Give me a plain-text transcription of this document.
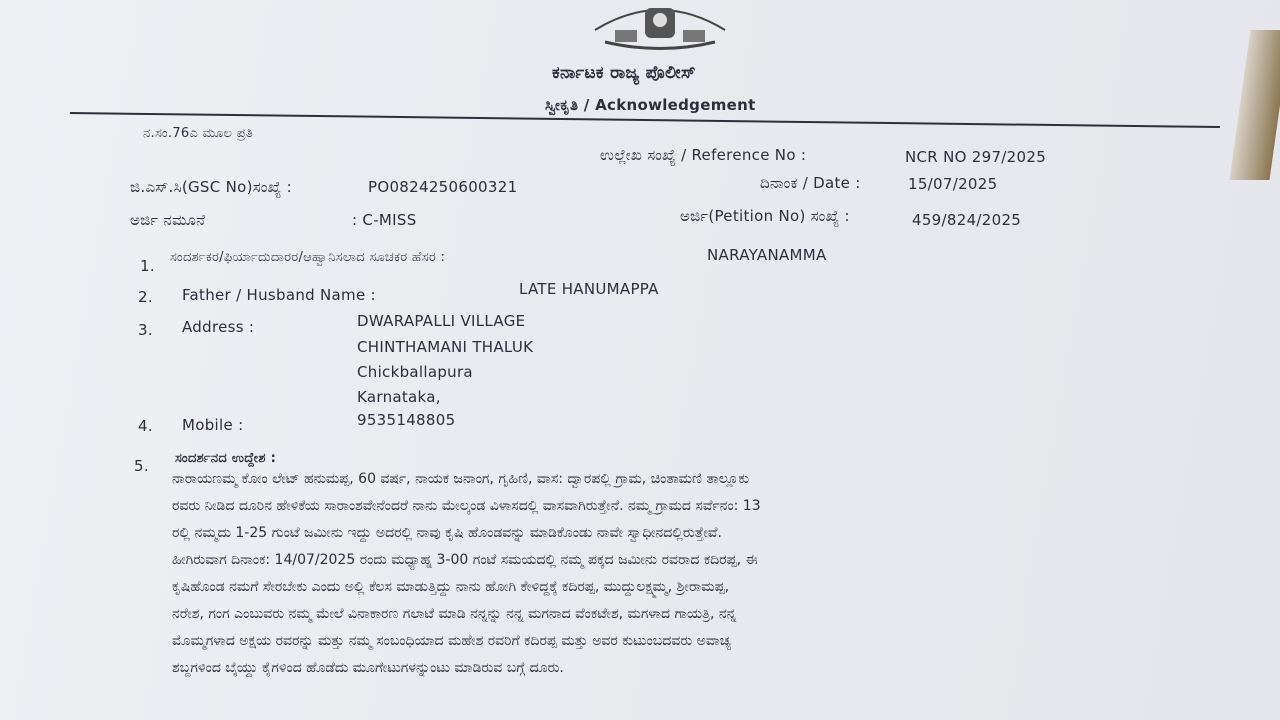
ಕರ್ನಾಟಕ ರಾಜ್ಯ ಪೊಲೀಸ್
ಸ್ವೀಕೃತಿ / Acknowledgement
ನ.ಸಂ.76ಎ ಮೂಲ ಪ್ರತಿ
ಉಲ್ಲೇಖ ಸಂಖ್ಯೆ / Reference No :	NCR NO 297/2025
ದಿನಾಂಕ / Date :	15/07/2025
ಜಿ.ಎಸ್.ಸಿ(GSC No)ಸಂಖ್ಯೆ :	PO0824250600321
ಅರ್ಜಿ ನಮೂನೆ	: C-MISS	ಅರ್ಜಿ(Petition No) ಸಂಖ್ಯೆ :	459/824/2025
1. ಸಂದರ್ಶಕರ/ಫಿರ್ಯಾದುದಾರರ/ಆಹ್ವಾನಿಸಲಾದ ಸೂಚಕರ ಹೆಸರ :	NARAYANAMMA
2. Father / Husband Name :	LATE HANUMAPPA
3. Address :	DWARAPALLI VILLAGE
CHINTHAMANI THALUK
Chickballapura
Karnataka,
4. Mobile :	9535148805
5. ಸಂದರ್ಶನದ ಉದ್ದೇಶ :
ನಾರಾಯಣಮ್ಮ ಕೋಂ ಲೇಟ್ ಹನುಮಪ್ಪ, 60 ವರ್ಷ, ನಾಯಕ ಜನಾಂಗ, ಗೃಹಿಣಿ, ವಾಸ: ದ್ವಾರಪಲ್ಲಿ ಗ್ರಾಮ, ಚಿಂತಾಮಣಿ ತಾಲ್ಲೂಕು
ರವರು ನೀಡಿದ ದೂರಿನ ಹೇಳಿಕೆಯ ಸಾರಾಂಶವೇನೆಂದರೆ ನಾನು ಮೇಲ್ಕಂಡ ವಿಳಾಸದಲ್ಲಿ ವಾಸವಾಗಿರುತ್ತೇನೆ. ನಮ್ಮ ಗ್ರಾಮದ ಸರ್ವೆನಂ: 13
ರಲ್ಲಿ ನಮ್ಮದು 1-25 ಗುಂಟೆ ಜಮೀನು ಇದ್ದು ಅದರಲ್ಲಿ ನಾವು ಕೃಷಿ ಹೊಂಡವನ್ನು ಮಾಡಿಕೊಂಡು ನಾವೇ ಸ್ವಾಧೀನದಲ್ಲಿರುತ್ತೇವೆ.
ಹೀಗಿರುವಾಗ ದಿನಾಂಕ: 14/07/2025 ರಂದು ಮಧ್ಯಾಹ್ನ 3-00 ಗಂಟೆ ಸಮಯದಲ್ಲಿ ನಮ್ಮ ಪಕ್ಕದ ಜಮೀನು ರವರಾದ ಕದಿರಪ್ಪ, ಈ
ಕೃಷಿಹೊಂಡ ನಮಗೆ ಸೇರಬೇಕು ಎಂದು ಅಲ್ಲಿ ಕೆಲಸ ಮಾಡುತ್ತಿದ್ದು ನಾನು ಹೋಗಿ ಕೇಳಿದ್ದಕ್ಕೆ ಕದಿರಪ್ಪ, ಮುದ್ದುಲಕ್ಷ್ಮಮ್ಮ, ಶ್ರೀರಾಮಪ್ಪ,
ನರೇಶ, ಗಂಗ ಎಂಬುವರು ನಮ್ಮ ಮೇಲೆ ವಿನಾಕಾರಣ ಗಲಾಟೆ ಮಾಡಿ ನನ್ನನ್ನು ನನ್ನ ಮಗನಾದ ವೆಂಕಟೇಶ, ಮಗಳಾದ ಗಾಯತ್ರಿ, ನನ್ನ
ಮೊಮ್ಮಗಳಾದ ಅಕ್ಷಯ ರವರನ್ನು ಮತ್ತು ನಮ್ಮ ಸಂಬಂಧಿಯಾದ ಮಹೇಶ ರವರಿಗೆ ಕದಿರಪ್ಪ ಮತ್ತು ಅವರ ಕುಟುಂಬದವರು ಅವಾಚ್ಯ
ಶಬ್ದಗಳಿಂದ ಬೈಯ್ದು ಕೈಗಳಿಂದ ಹೊಡೆದು ಮೂಗೇಟುಗಳನ್ನುಂಟು ಮಾಡಿರುವ ಬಗ್ಗೆ ದೂರು.
